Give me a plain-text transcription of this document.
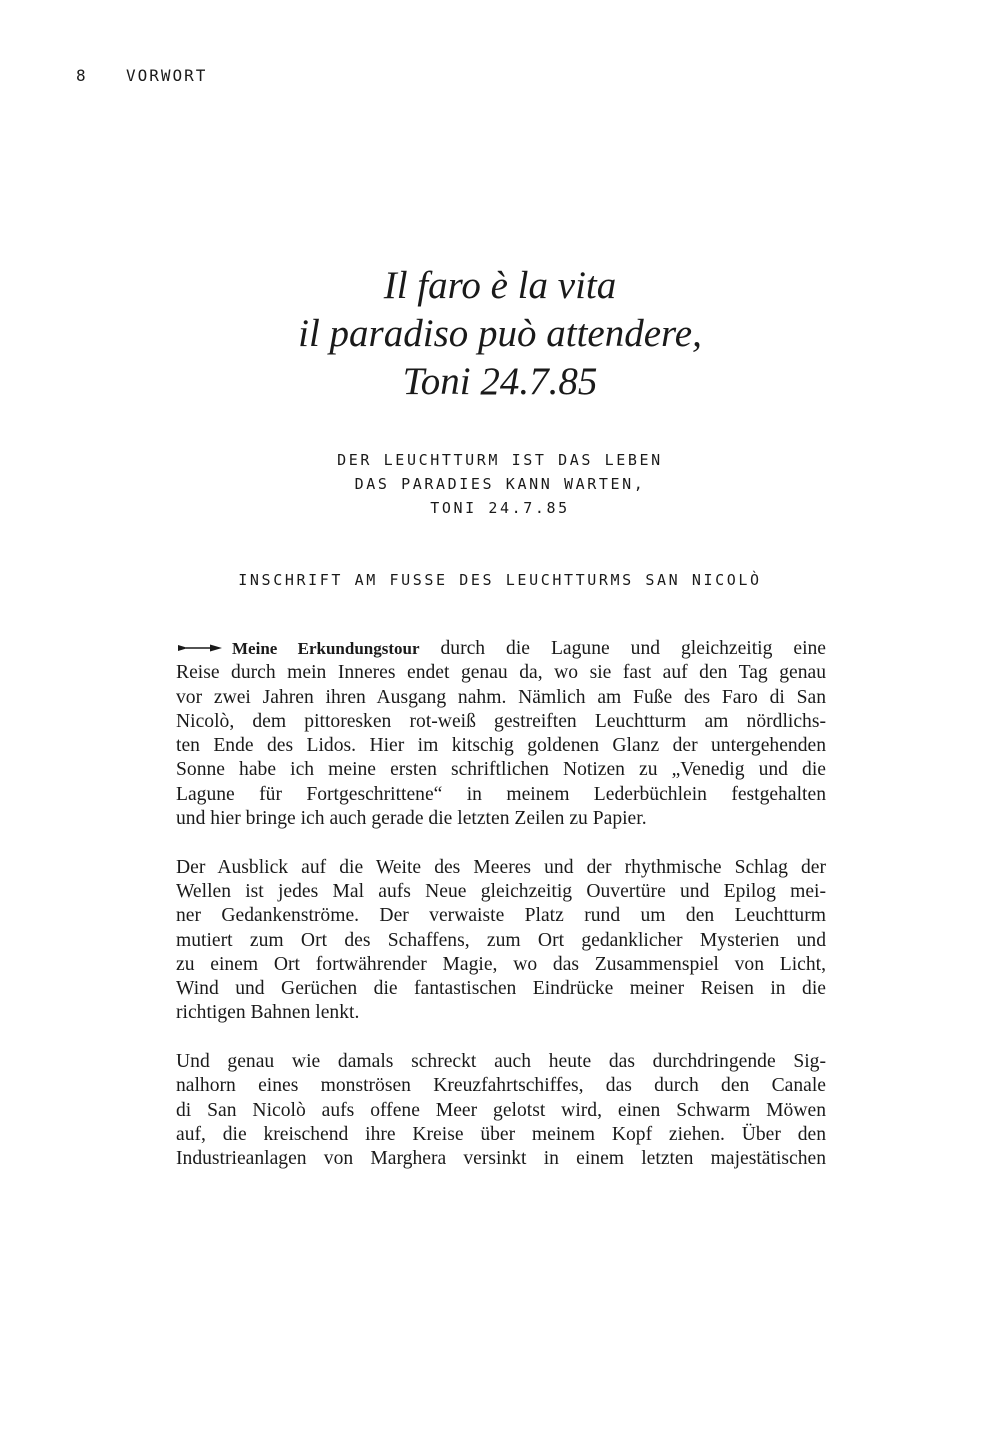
8 VORWORT
Il faro è la vita
il paradiso può attendere,
Toni 24.7.85
DER LEUCHTTURM IST DAS LEBEN
DAS PARADIES KANN WARTEN,
TONI 24.7.85
INSCHRIFT AM FUSSE DES LEUCHTTURMS SAN NICOLÒ

Meine Erkundungstour durch die Lagune und gleichzeitig eine
Reise durch mein Inneres endet genau da, wo sie fast auf den Tag genau
vor zwei Jahren ihren Ausgang nahm. Nämlich am Fuße des Faro di San
Nicolò, dem pittoresken rot-weiß gestreiften Leuchtturm am nördlichs-
ten Ende des Lidos. Hier im kitschig goldenen Glanz der untergehenden
Sonne habe ich meine ersten schriftlichen Notizen zu „Venedig und die
Lagune für Fortgeschrittene“ in meinem Lederbüchlein festgehalten
und hier bringe ich auch gerade die letzten Zeilen zu Papier.

Der Ausblick auf die Weite des Meeres und der rhythmische Schlag der
Wellen ist jedes Mal aufs Neue gleichzeitig Ouvertüre und Epilog mei-
ner Gedankenströme. Der verwaiste Platz rund um den Leuchtturm
mutiert zum Ort des Schaffens, zum Ort gedanklicher Mysterien und
zu einem Ort fortwährender Magie, wo das Zusammenspiel von Licht,
Wind und Gerüchen die fantastischen Eindrücke meiner Reisen in die
richtigen Bahnen lenkt.

Und genau wie damals schreckt auch heute das durchdringende Sig-
nalhorn eines monströsen Kreuzfahrtschiffes, das durch den Canale
di San Nicolò aufs offene Meer gelotst wird, einen Schwarm Möwen
auf, die kreischend ihre Kreise über meinem Kopf ziehen. Über den
Industrieanlagen von Marghera versinkt in einem letzten majestätischen
